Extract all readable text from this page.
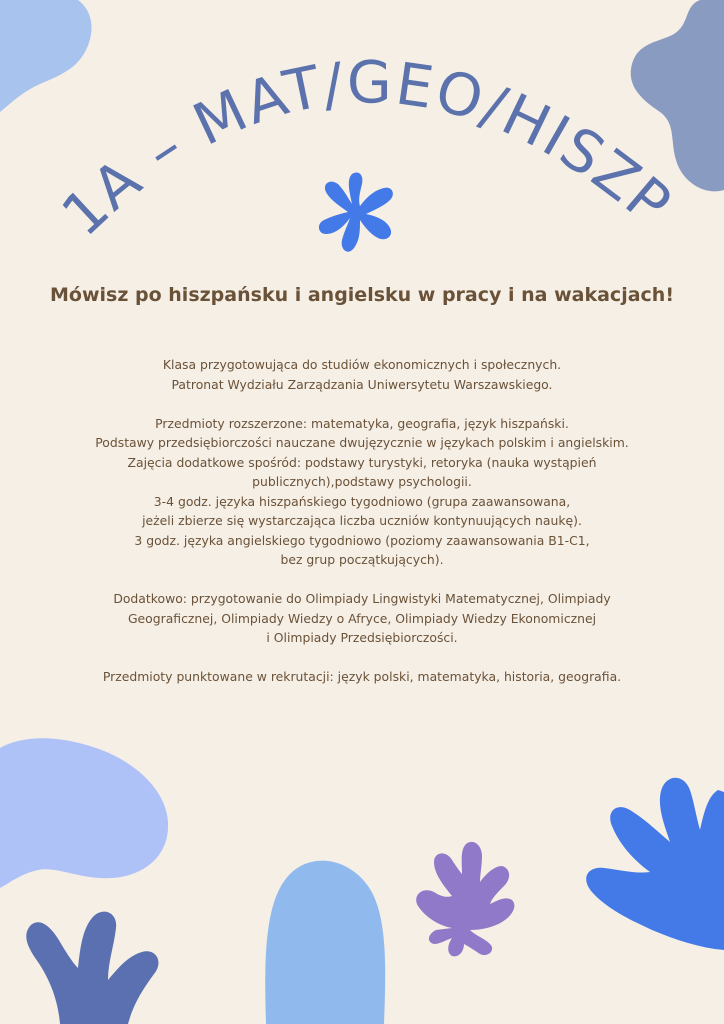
1A – MAT/GEO/HISZP
Mówisz po hiszpańsku i angielsku w pracy i na wakacjach!

Klasa przygotowująca do studiów ekonomicznych i społecznych.
Patronat Wydziału Zarządzania Uniwersytetu Warszawskiego.

Przedmioty rozszerzone: matematyka, geografia, język hiszpański.
Podstawy przedsiębiorczości nauczane dwujęzycznie w językach polskim i angielskim.
Zajęcia dodatkowe spośród: podstawy turystyki, retoryka (nauka wystąpień
publicznych),podstawy psychologii.
3-4 godz. języka hiszpańskiego tygodniowo (grupa zaawansowana,
jeżeli zbierze się wystarczająca liczba uczniów kontynuujących naukę).
3 godz. języka angielskiego tygodniowo (poziomy zaawansowania B1-C1,
bez grup początkujących).

Dodatkowo: przygotowanie do Olimpiady Lingwistyki Matematycznej, Olimpiady
Geograficznej, Olimpiady Wiedzy o Afryce, Olimpiady Wiedzy Ekonomicznej
i Olimpiady Przedsiębiorczości.

Przedmioty punktowane w rekrutacji: język polski, matematyka, historia, geografia.
